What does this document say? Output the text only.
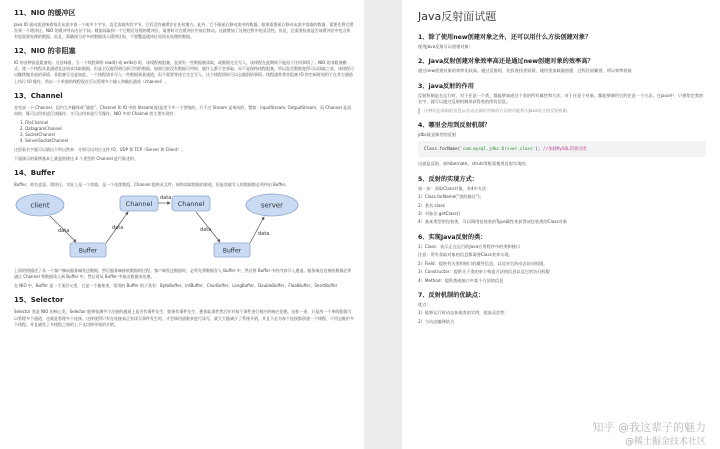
11、NIO 的缓冲区

Java IO 面向流意味着每次从流中读一个或多个字节，直至读取所有字节，它们没有被缓存在任何地方。此外，它不能前后移动流中的数据。如果需要前后移动从流中读取的数据，需要先将它缓存到一个缓冲区。NIO 的缓冲导向方法不同。数据读取到一个它稍后处理的缓冲区，需要时可在缓冲区中前后移动。这就增加了处理过程中的灵活性。但是，还需要检查是否该缓冲区中包含所有您需要处理的数据。而且，需确保当更多的数据读入缓冲区时，不要覆盖缓冲区里尚未处理的数据。

12、NIO 的非阻塞

IO 的各种流是阻塞的。这意味着，当一个线程调用 read() 或 write() 时，该线程被阻塞，直到有一些数据被读取，或数据完全写入。该线程在此期间不能再干任何事情了。NIO 的非阻塞模式，使一个线程从某通道发送请求读取数据，但是它仅能得到目前可用的数据，如果目前没有数据可用时，就什么都不会获取。而不是保持线程阻塞，所以直至数据变得可以读取之前，该线程可以继续做其他的事情。非阻塞写也是如此。一个线程请求写入一些数据到某通道，但不需要等待它完全写入，这个线程同时可以去做别的事情。线程通常将非阻塞 IO 的空闲时间用于在其它通道上执行 IO 操作，所以一个单独的线程现在可以管理多个输入和输出通道（channel）。

13、Channel

首先说一下 Channel，国内大多翻译成“通道”。Channel 和 IO 中的 Stream(流)是差不多一个等级的。只不过 Stream 是单向的，譬如：InputStream, OutputStream，而 Channel 是双向的，既可以用来进行读操作，又可以用来进行写操作。NIO 中的 Channel 的主要实现有：

1. FileChannel
2. DatagramChannel
3. SocketChannel
4. ServerSocketChannel

这里看名字就可以猜出个所以然来：分别可以对应文件 IO、UDP 和 TCP（Server 和 Client）。

下面演示的案例基本上就是围绕这 4 个类型的 Channel 进行陈述的。

14、Buffer

Buffer，故名思意，缓冲区，实际上是一个容器，是一个连续数组。Channel 提供从文件、网络读取数据的渠道，但是读或写入的数据都必须经由 Buffer。

client	Channel	Channel	server
Buffer	Buffer
data	data
data
data
data

上面的图描述了从一个客户端向服务端发送数据，然后服务端接收数据的过程。客户端发送数据时，必须先将数据存入 Buffer 中，然后将 Buffer 中的内容写入通道。服务端这边接收数据必须通过 Channel 将数据读入到 Buffer 中，然后再从 Buffer 中取出数据来处理。

在 NIO 中，Buffer 是一个顶层父类，它是一个抽象类，常用的 Buffer 的子类有：ByteBuffer、IntBuffer、CharBuffer、LongBuffer、DoubleBuffer、FloatBuffer、ShortBuffer

15、Selector

Selector 类是 NIO 的核心类，Selector 能够检测多个注册的通道上是否有事件发生，如果有事件发生，便获取事件然后针对每个事件进行相应的响应处理。这样一来，只是用一个单线程就可以管理多个通道，也就是管理多个连接。这样使得只有在连接真正有读写事件发生时，才会调用函数来进行读写，就大大地减少了系统开销，并且不必为每个连接都创建一个线程，不用去维护多个线程，并且避免了多线程之间的上下文切换导致的开销。

Java反射面试题
1、除了使用new创建对象之外，还可以用什么方法创建对象？

使用Java反射可以创建对象！

2、Java反射创建对象效率高还是通过new创建对象的效率高？

通过new创建对象的效率比较高。通过反射时，先找查找类资源，使用类加载器创建，过程比较繁琐，所以效率较低

3、java反射的作用

反射机制是在运行时，对于任意一个类，都能够知道这个类的所有属性和方法；对于任意个对象，都能够调用它的任意一个方法。在java中，只要给定类的名字，就可以通过反射机制来获得类的所有信息。

这种动态获取的信息以及动态调用对象的方法的功能称为Java语言的反射机制。

4、哪里会用到反射机制？

jdbc就是典型的反射

Class.forName('com.mysql.jdbc.Driver.class'); //加载MySQL的驱动类

这就是反射。如hibernate，struts等框架使用反射实现的。

5、反射的实现方式：

第一步：获取Class对象，有4中方法：

1）Class.forName(“类的路径”)；

2）类名.class

3）对象名.getClass()

4）基本类型的包装类，可以调用包装类的Type属性来获得该包装类的Class对象

6、实现Java反射的类：

1）Class：表示正在运行的Java应用程序中的类和接口

注意：所有获取对象的信息都需要Class类来实现。

2）Field：提供有关类和接口的属性信息，以及对它的动态访问权限。

3）Constructor：提供关于类的单个构造方法的信息以及它的访问权限

4）Method：提供类或接口中某个方法的信息

7、反射机制的优缺点：

优点：

1）能够运行时动态获取类的实例，提高灵活性；

2）与动态编译结合

知乎 @我这辈子的魅力
@稀土掘金技术社区
